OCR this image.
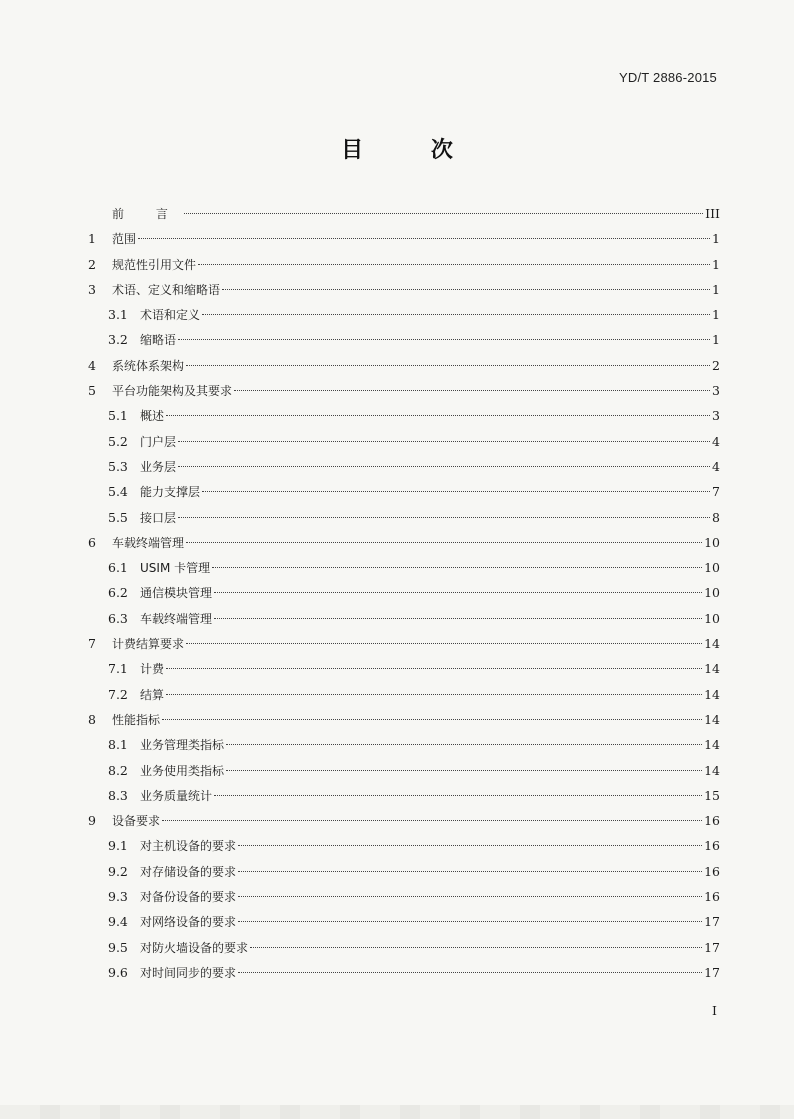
YD/T 2886-2015
目 次
前 言	III
1	范围	1
2	规范性引用文件	1
3	术语、定义和缩略语	1
3.1	术语和定义	1
3.2	缩略语	1
4	系统体系架构	2
5	平台功能架构及其要求	3
5.1	概述	3
5.2	门户层	4
5.3	业务层	4
5.4	能力支撑层	7
5.5	接口层	8
6	车载终端管理	10
6.1	USIM 卡管理	10
6.2	通信模块管理	10
6.3	车载终端管理	10
7	计费结算要求	14
7.1	计费	14
7.2	结算	14
8	性能指标	14
8.1	业务管理类指标	14
8.2	业务使用类指标	14
8.3	业务质量统计	15
9	设备要求	16
9.1	对主机设备的要求	16
9.2	对存储设备的要求	16
9.3	对备份设备的要求	16
9.4	对网络设备的要求	17
9.5	对防火墙设备的要求	17
9.6	对时间同步的要求	17
I
